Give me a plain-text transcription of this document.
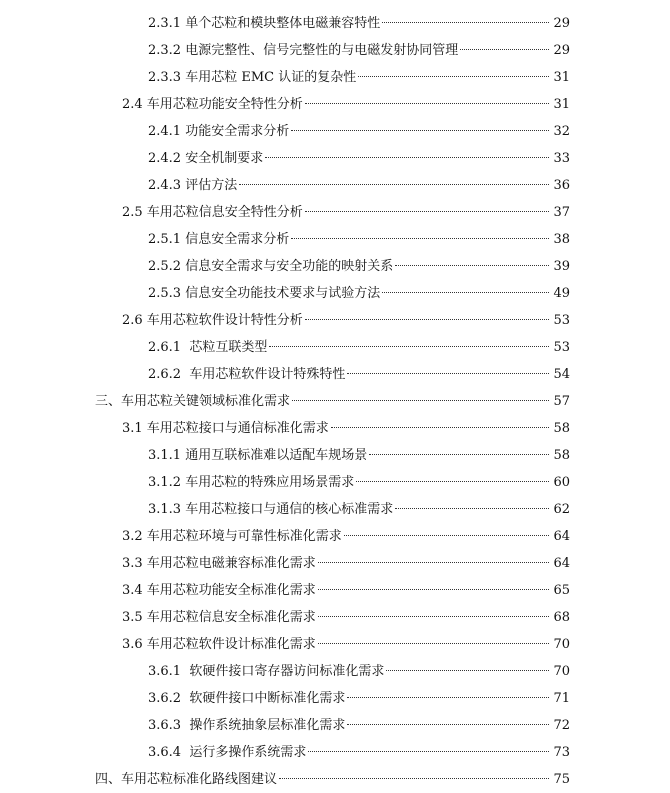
2.3.1 单个芯粒和模块整体电磁兼容特性	29
2.3.2 电源完整性、信号完整性的与电磁发射协同管理	29
2.3.3 车用芯粒 EMC 认证的复杂性	31
2.4 车用芯粒功能安全特性分析	31
2.4.1 功能安全需求分析	32
2.4.2 安全机制要求	33
2.4.3 评估方法	36
2.5 车用芯粒信息安全特性分析	37
2.5.1 信息安全需求分析	38
2.5.2 信息安全需求与安全功能的映射关系	39
2.5.3 信息安全功能技术要求与试验方法	49
2.6 车用芯粒软件设计特性分析	53
2.6.1  芯粒互联类型	53
2.6.2  车用芯粒软件设计特殊特性	54
三、车用芯粒关键领域标准化需求	57
3.1 车用芯粒接口与通信标准化需求	58
3.1.1 通用互联标准难以适配车规场景	58
3.1.2 车用芯粒的特殊应用场景需求	60
3.1.3 车用芯粒接口与通信的核心标准需求	62
3.2 车用芯粒环境与可靠性标准化需求	64
3.3 车用芯粒电磁兼容标准化需求	64
3.4 车用芯粒功能安全标准化需求	65
3.5 车用芯粒信息安全标准化需求	68
3.6 车用芯粒软件设计标准化需求	70
3.6.1  软硬件接口寄存器访问标准化需求	70
3.6.2  软硬件接口中断标准化需求	71
3.6.3  操作系统抽象层标准化需求	72
3.6.4  运行多操作系统需求	73
四、车用芯粒标准化路线图建议	75
